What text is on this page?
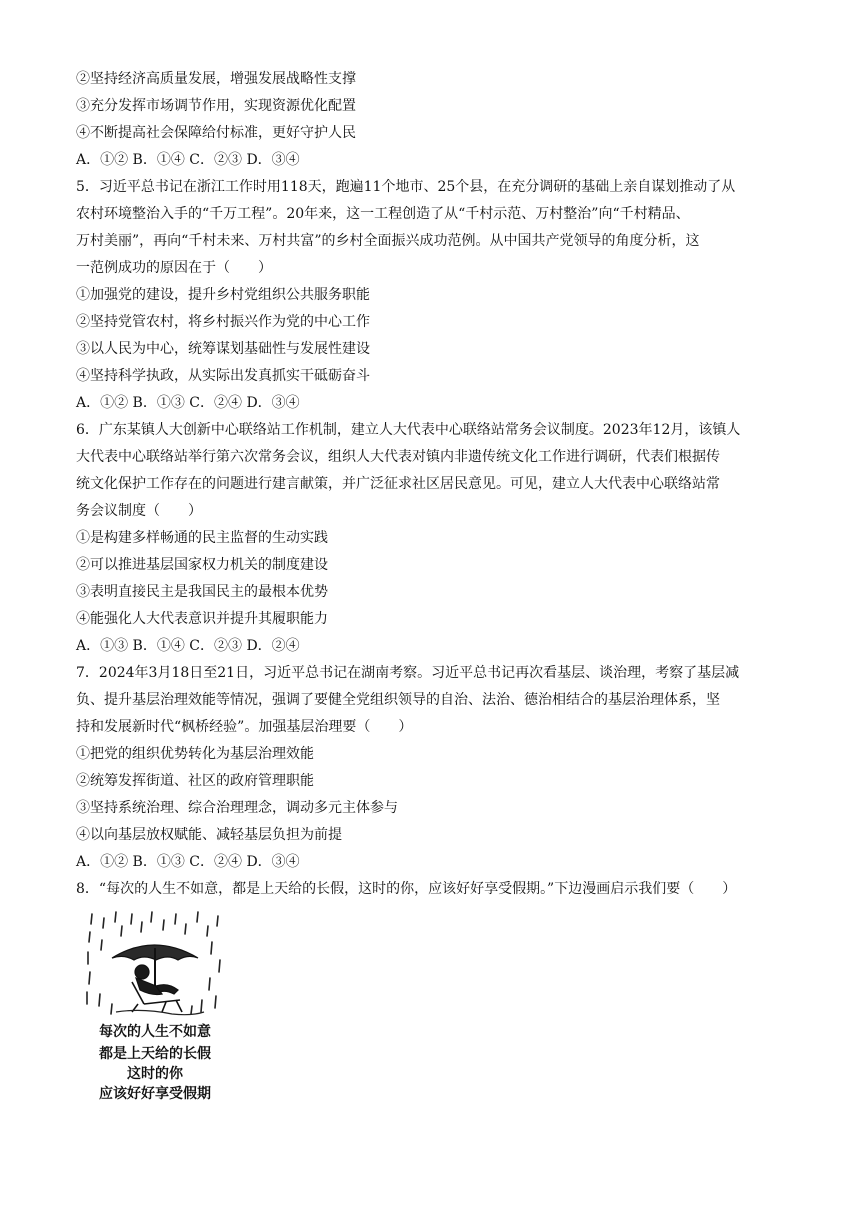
②坚持经济高质量发展，增强发展战略性支撑
③充分发挥市场调节作用，实现资源优化配置
④不断提高社会保障给付标准，更好守护人民
A．①② B．①④ C．②③ D．③④
5．习近平总书记在浙江工作时用118天，跑遍11个地市、25个县，在充分调研的基础上亲自谋划推动了从
农村环境整治入手的“千万工程”。20年来，这一工程创造了从“千村示范、万村整治”向“千村精品、
万村美丽”，再向“千村未来、万村共富”的乡村全面振兴成功范例。从中国共产党领导的角度分析，这
一范例成功的原因在于（　　）
①加强党的建设，提升乡村党组织公共服务职能
②坚持党管农村，将乡村振兴作为党的中心工作
③以人民为中心，统筹谋划基础性与发展性建设
④坚持科学执政，从实际出发真抓实干砥砺奋斗
A．①② B．①③ C．②④ D．③④
6．广东某镇人大创新中心联络站工作机制，建立人大代表中心联络站常务会议制度。2023年12月，该镇人
大代表中心联络站举行第六次常务会议，组织人大代表对镇内非遗传统文化工作进行调研，代表们根据传
统文化保护工作存在的问题进行建言献策，并广泛征求社区居民意见。可见，建立人大代表中心联络站常
务会议制度（　　）
①是构建多样畅通的民主监督的生动实践
②可以推进基层国家权力机关的制度建设
③表明直接民主是我国民主的最根本优势
④能强化人大代表意识并提升其履职能力
A．①③ B．①④ C．②③ D．②④
7．2024年3月18日至21日，习近平总书记在湖南考察。习近平总书记再次看基层、谈治理，考察了基层减
负、提升基层治理效能等情况，强调了要健全党组织领导的自治、法治、德治相结合的基层治理体系，坚
持和发展新时代“枫桥经验”。加强基层治理要（　　）
①把党的组织优势转化为基层治理效能
②统筹发挥街道、社区的政府管理职能
③坚持系统治理、综合治理理念，调动多元主体参与
④以向基层放权赋能、减轻基层负担为前提
A．①② B．①③ C．②④ D．③④
8．“每次的人生不如意，都是上天给的长假，这时的你，应该好好享受假期。”下边漫画启示我们要（　　）
每次的人生不如意
都是上天给的长假
这时的你
应该好好享受假期
